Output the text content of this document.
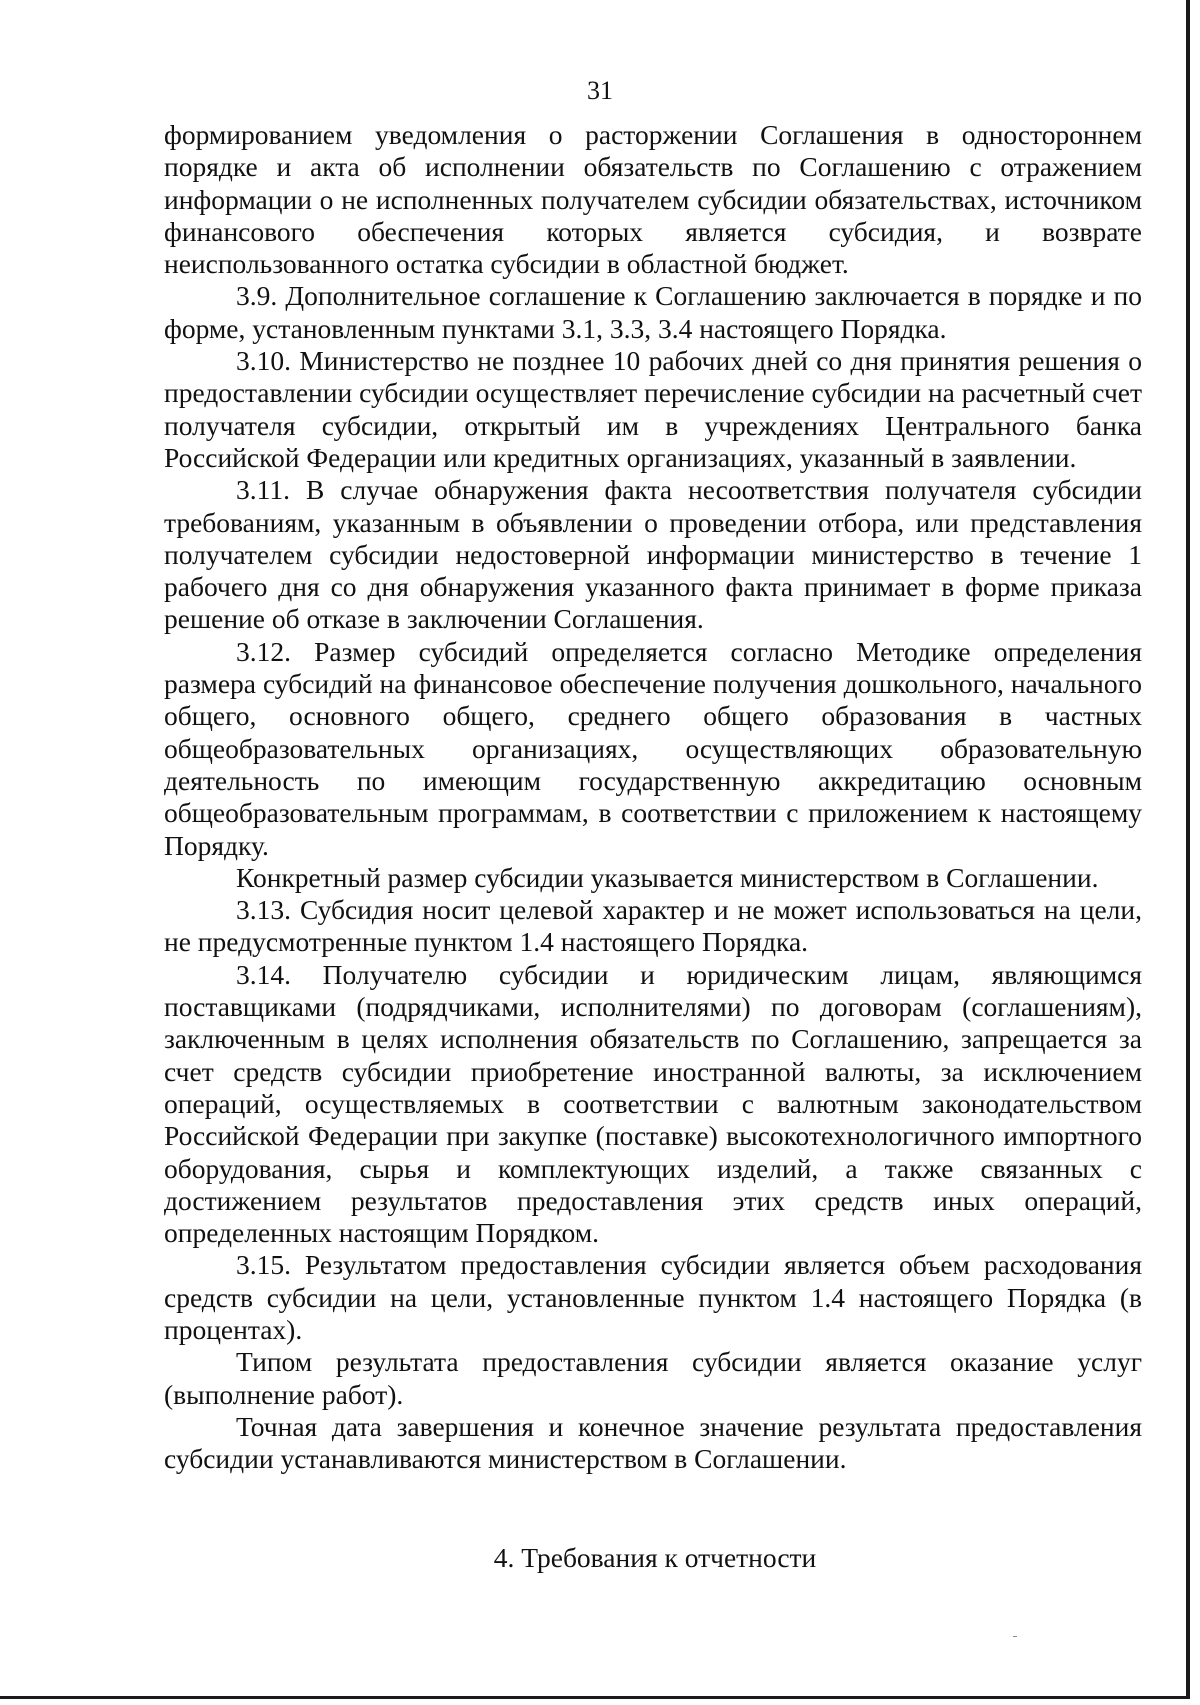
31

формированием уведомления о расторжении Соглашения в одностороннем порядке и акта об исполнении обязательств по Соглашению с отражением информации о не исполненных получателем субсидии обязательствах, источником финансового обеспечения которых является субсидия, и возврате неиспользованного остатка субсидии в областной бюджет.

3.9. Дополнительное соглашение к Соглашению заключается в порядке и по форме, установленным пунктами 3.1, 3.3, 3.4 настоящего Порядка.

3.10. Министерство не позднее 10 рабочих дней со дня принятия решения о предоставлении субсидии осуществляет перечисление субсидии на расчетный счет получателя субсидии, открытый им в учреждениях Центрального банка Российской Федерации или кредитных организациях, указанный в заявлении.

3.11. В случае обнаружения факта несоответствия получателя субсидии требованиям, указанным в объявлении о проведении отбора, или представления получателем субсидии недостоверной информации министерство в течение 1 рабочего дня со дня обнаружения указанного факта принимает в форме приказа решение об отказе в заключении Соглашения.

3.12. Размер субсидий определяется согласно Методике определения размера субсидий на финансовое обеспечение получения дошкольного, начального общего, основного общего, среднего общего образования в частных общеобразовательных организациях, осуществляющих образовательную деятельность по имеющим государственную аккредитацию основным общеобразовательным программам, в соответствии с приложением к настоящему Порядку.

Конкретный размер субсидии указывается министерством в Соглашении.

3.13. Субсидия носит целевой характер и не может использоваться на цели, не предусмотренные пунктом 1.4 настоящего Порядка.

3.14. Получателю субсидии и юридическим лицам, являющимся поставщиками (подрядчиками, исполнителями) по договорам (соглашениям), заключенным в целях исполнения обязательств по Соглашению, запрещается за счет средств субсидии приобретение иностранной валюты, за исключением операций, осуществляемых в соответствии с валютным законодательством Российской Федерации при закупке (поставке) высокотехнологичного импортного оборудования, сырья и комплектующих изделий, а также связанных с достижением результатов предоставления этих средств иных операций, определенных настоящим Порядком.

3.15. Результатом предоставления субсидии является объем расходования средств субсидии на цели, установленные пунктом 1.4 настоящего Порядка (в процентах).

Типом результата предоставления субсидии является оказание услуг (выполнение работ).

Точная дата завершения и конечное значение результата предоставления субсидии устанавливаются министерством в Соглашении.

4. Требования к отчетности
